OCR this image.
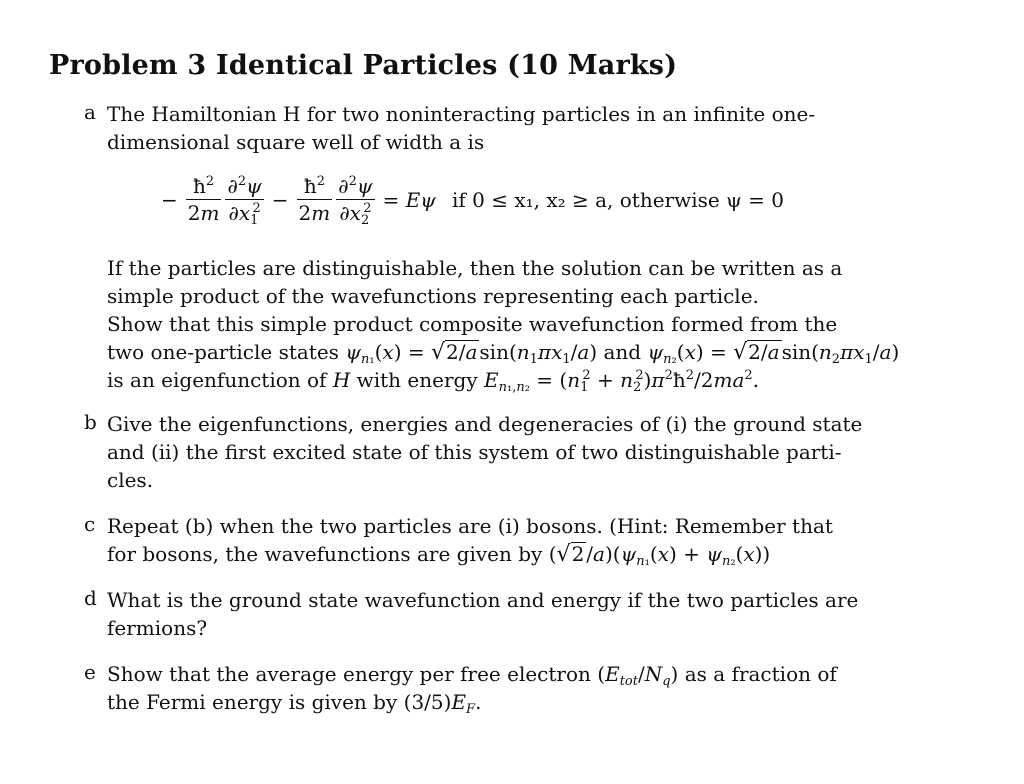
Problem 3 Identical Particles (10 Marks)
a The Hamiltonian H for two noninteracting particles in an infinite one-
dimensional square well of width a is
− $\frac{ħ^2}{2m} \frac{\partial^2\psi}{\partial x_1^2} - \frac{ħ^2}{2m} \frac{\partial^2\psi}{\partial x_2^2} = E\psi$ if 0 ≤ x₁, x₂ ≥ a, otherwise ψ = 0
If the particles are distinguishable, then the solution can be written as a
simple product of the wavefunctions representing each particle.
Show that this simple product composite wavefunction formed from the
two one-particle states $\psi_{n_1}(x) = √2/a$ $\sin(n_1\pi x_1/a)$ and $\psi_{n_2}(x) = √2/a$ $\sin(n_2\pi x_1/a)$
is an eigenfunction of H with energy $E_{n_1,n_2} = (n_1^2$ + $n_2^2)\pi^2ħ^2/2ma^2$.
b Give the eigenfunctions, energies and degeneracies of (i) the ground state
and (ii) the first excited state of this system of two distinguishable parti-
cles.
c Repeat (b) when the two particles are (i) bosons. (Hint: Remember that
for bosons, the wavefunctions are given by (√2 $/a)(\psi_{n_1}(x) + \psi_{n_2}(x))$
d What is the ground state wavefunction and energy if the two particles are
fermions?
e Show that the average energy per free electron $(E_{tot}/N_q)$ as a fraction of
the Fermi energy is given by $(3/5)E_F$.
